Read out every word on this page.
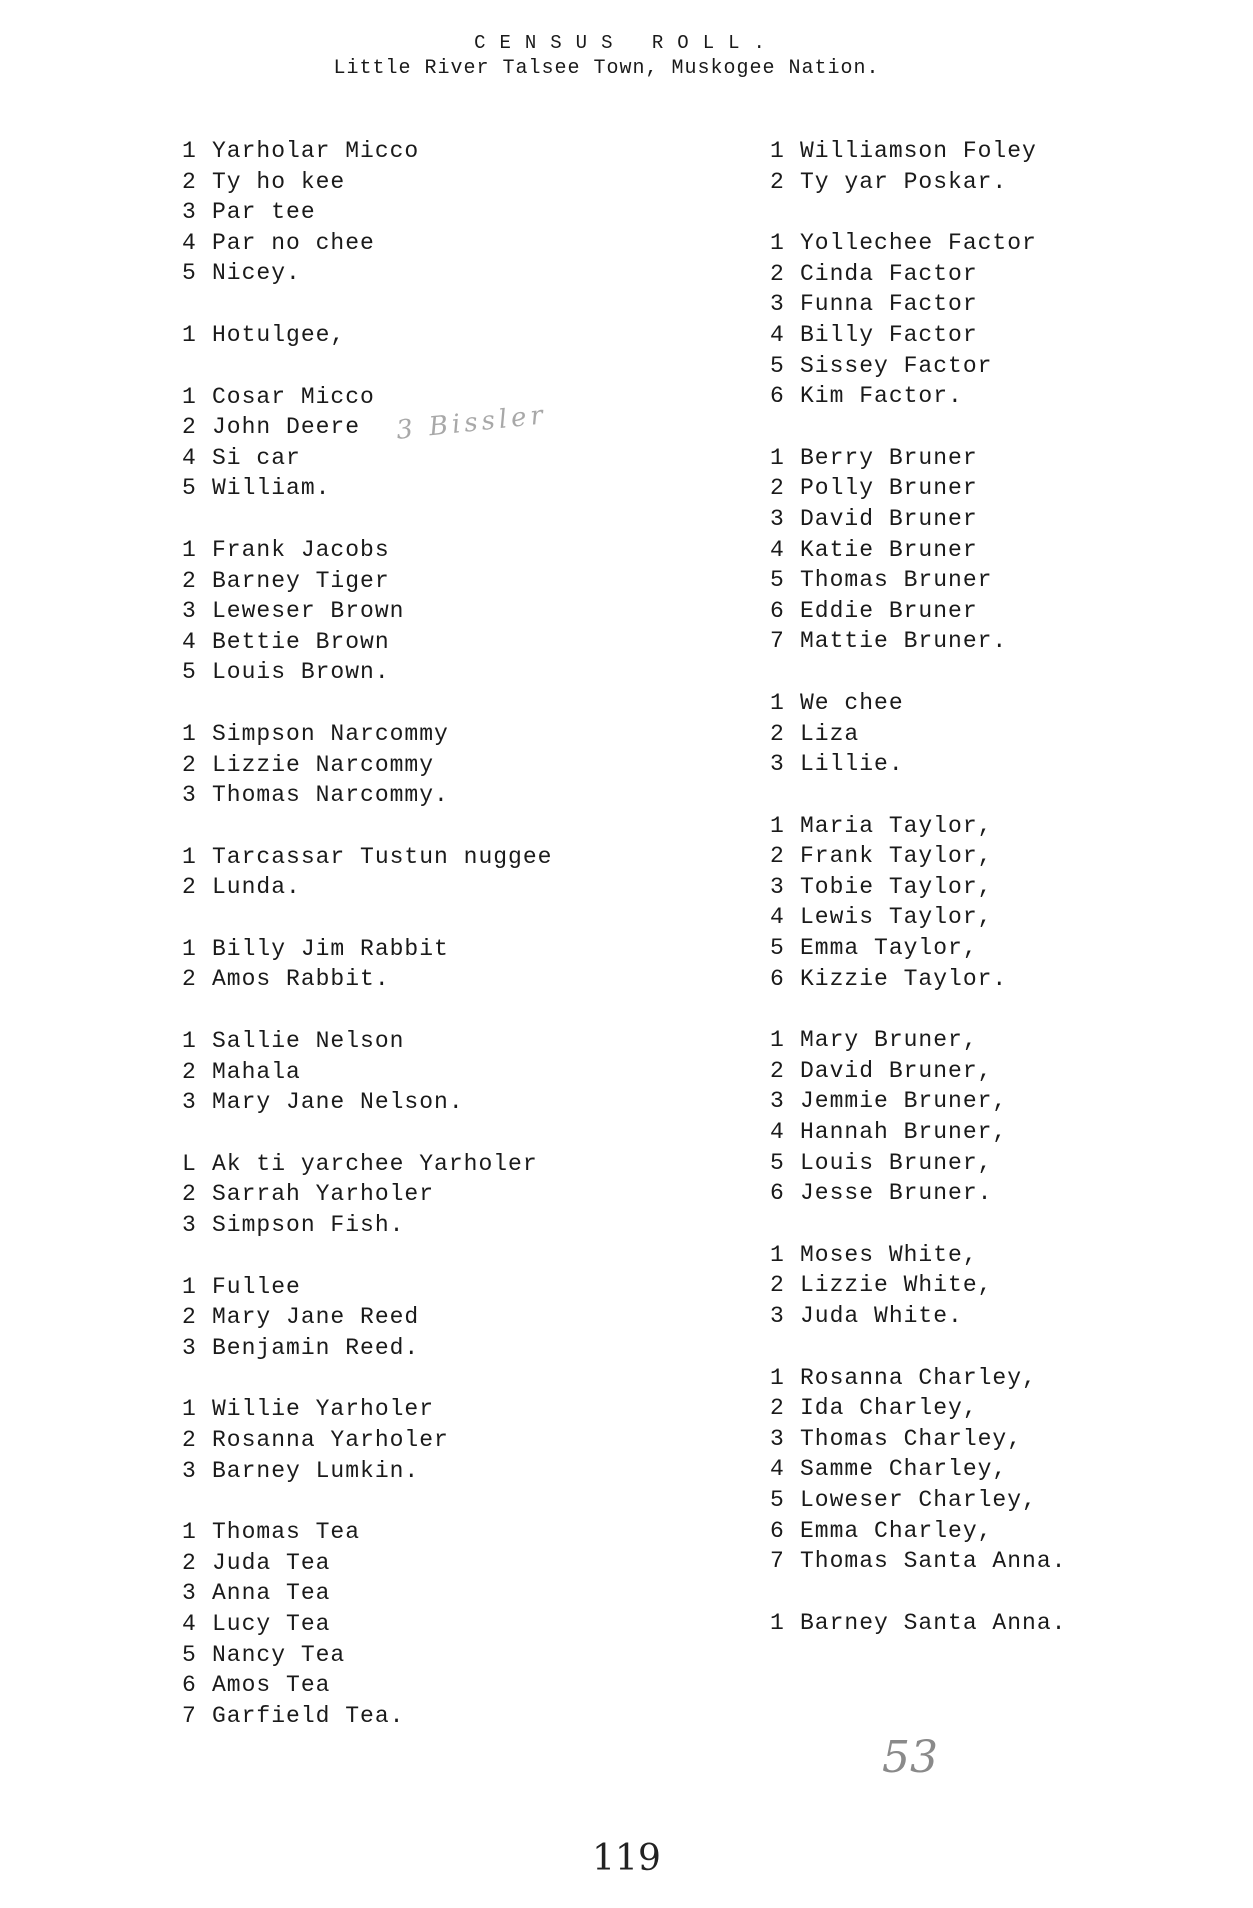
CENSUS ROLL.
Little River Talsee Town, Muskogee Nation.
1 Yarholar Micco
2 Ty ho kee
3 Par tee
4 Par no chee
5 Nicey.
1 Hotulgee,
1 Cosar Micco
2 John Deere
4 Si car
5 William.
1 Frank Jacobs
2 Barney Tiger
3 Leweser Brown
4 Bettie Brown
5 Louis Brown.
1 Simpson Narcommy
2 Lizzie Narcommy
3 Thomas Narcommy.
1 Tarcassar Tustun nuggee
2 Lunda.
1 Billy Jim Rabbit
2 Amos Rabbit.
1 Sallie Nelson
2 Mahala
3 Mary Jane Nelson.
L Ak ti yarchee Yarholer
2 Sarrah Yarholer
3 Simpson Fish.
1 Fullee
2 Mary Jane Reed
3 Benjamin Reed.
1 Willie Yarholer
2 Rosanna Yarholer
3 Barney Lumkin.
1 Thomas Tea
2 Juda Tea
3 Anna Tea
4 Lucy Tea
5 Nancy Tea
6 Amos Tea
7 Garfield Tea.
1 Williamson Foley
2 Ty yar Poskar.
1 Yollechee Factor
2 Cinda Factor
3 Funna Factor
4 Billy Factor
5 Sissey Factor
6 Kim Factor.
1 Berry Bruner
2 Polly Bruner
3 David Bruner
4 Katie Bruner
5 Thomas Bruner
6 Eddie Bruner
7 Mattie Bruner.
1 We chee
2 Liza
3 Lillie.
1 Maria Taylor,
2 Frank Taylor,
3 Tobie Taylor,
4 Lewis Taylor,
5 Emma Taylor,
6 Kizzie Taylor.
1 Mary Bruner,
2 David Bruner,
3 Jemmie Bruner,
4 Hannah Bruner,
5 Louis Bruner,
6 Jesse Bruner.
1 Moses White,
2 Lizzie White,
3 Juda White.
1 Rosanna Charley,
2 Ida Charley,
3 Thomas Charley,
4 Samme Charley,
5 Loweser Charley,
6 Emma Charley,
7 Thomas Santa Anna.
1 Barney Santa Anna.
3 Bissler
53
119
